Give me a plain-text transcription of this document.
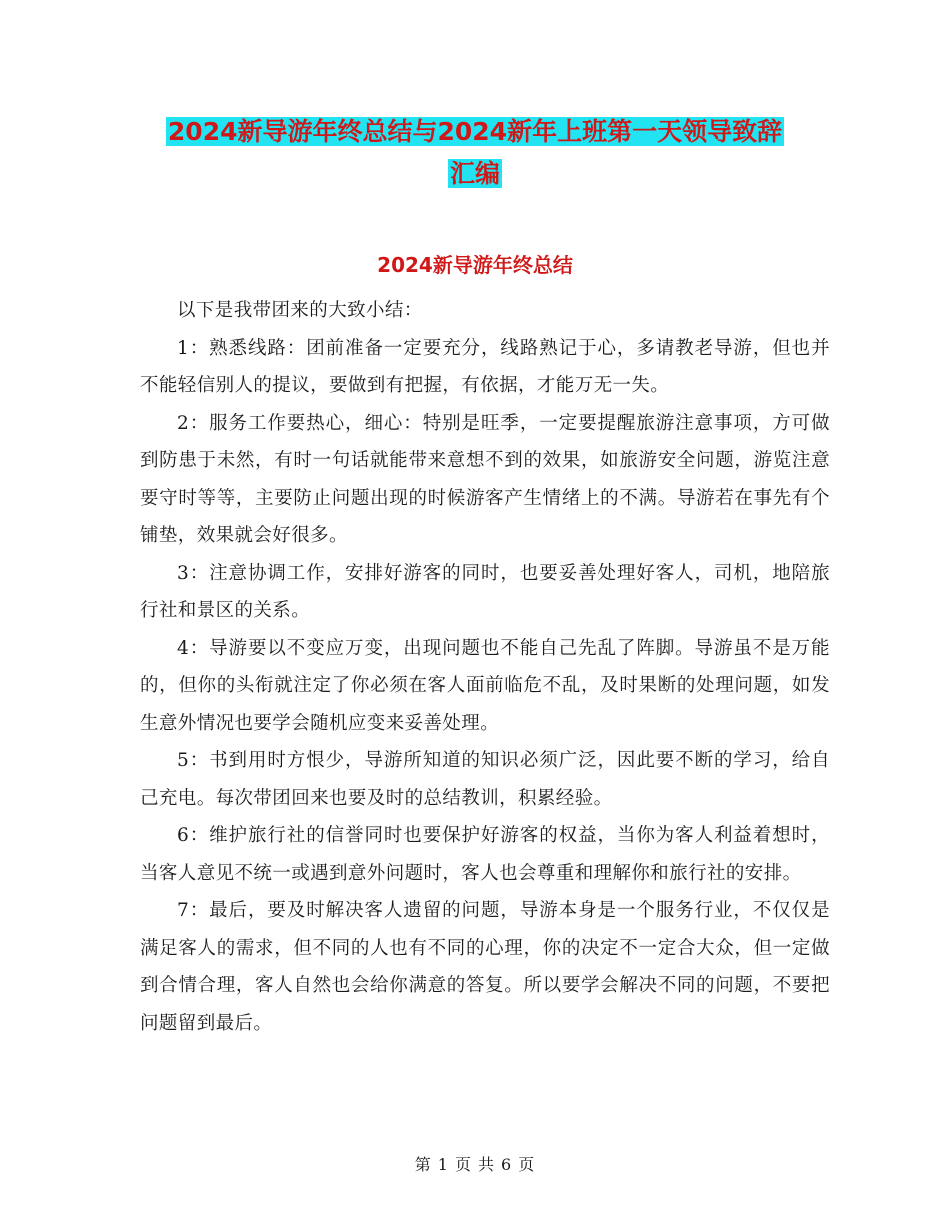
2024新导游年终总结与2024新年上班第一天领导致辞
汇编
2024新导游年终总结

以下是我带团来的大致小结：

1：熟悉线路：团前准备一定要充分，线路熟记于心，多请教老导游，但也并不能轻信别人的提议，要做到有把握，有依据，才能万无一失。

2：服务工作要热心，细心：特别是旺季，一定要提醒旅游注意事项，方可做到防患于未然，有时一句话就能带来意想不到的效果，如旅游安全问题，游览注意要守时等等，主要防止问题出现的时候游客产生情绪上的不满。导游若在事先有个铺垫，效果就会好很多。

3：注意协调工作，安排好游客的同时，也要妥善处理好客人，司机，地陪旅行社和景区的关系。

4：导游要以不变应万变，出现问题也不能自己先乱了阵脚。导游虽不是万能的，但你的头衔就注定了你必须在客人面前临危不乱，及时果断的处理问题，如发生意外情况也要学会随机应变来妥善处理。

5：书到用时方恨少，导游所知道的知识必须广泛，因此要不断的学习，给自己充电。每次带团回来也要及时的总结教训，积累经验。

6：维护旅行社的信誉同时也要保护好游客的权益，当你为客人利益着想时，当客人意见不统一或遇到意外问题时，客人也会尊重和理解你和旅行社的安排。

7：最后，要及时解决客人遗留的问题，导游本身是一个服务行业，不仅仅是满足客人的需求，但不同的人也有不同的心理，你的决定不一定合大众，但一定做到合情合理，客人自然也会给你满意的答复。所以要学会解决不同的问题，不要把问题留到最后。

第 1 页 共 6 页
